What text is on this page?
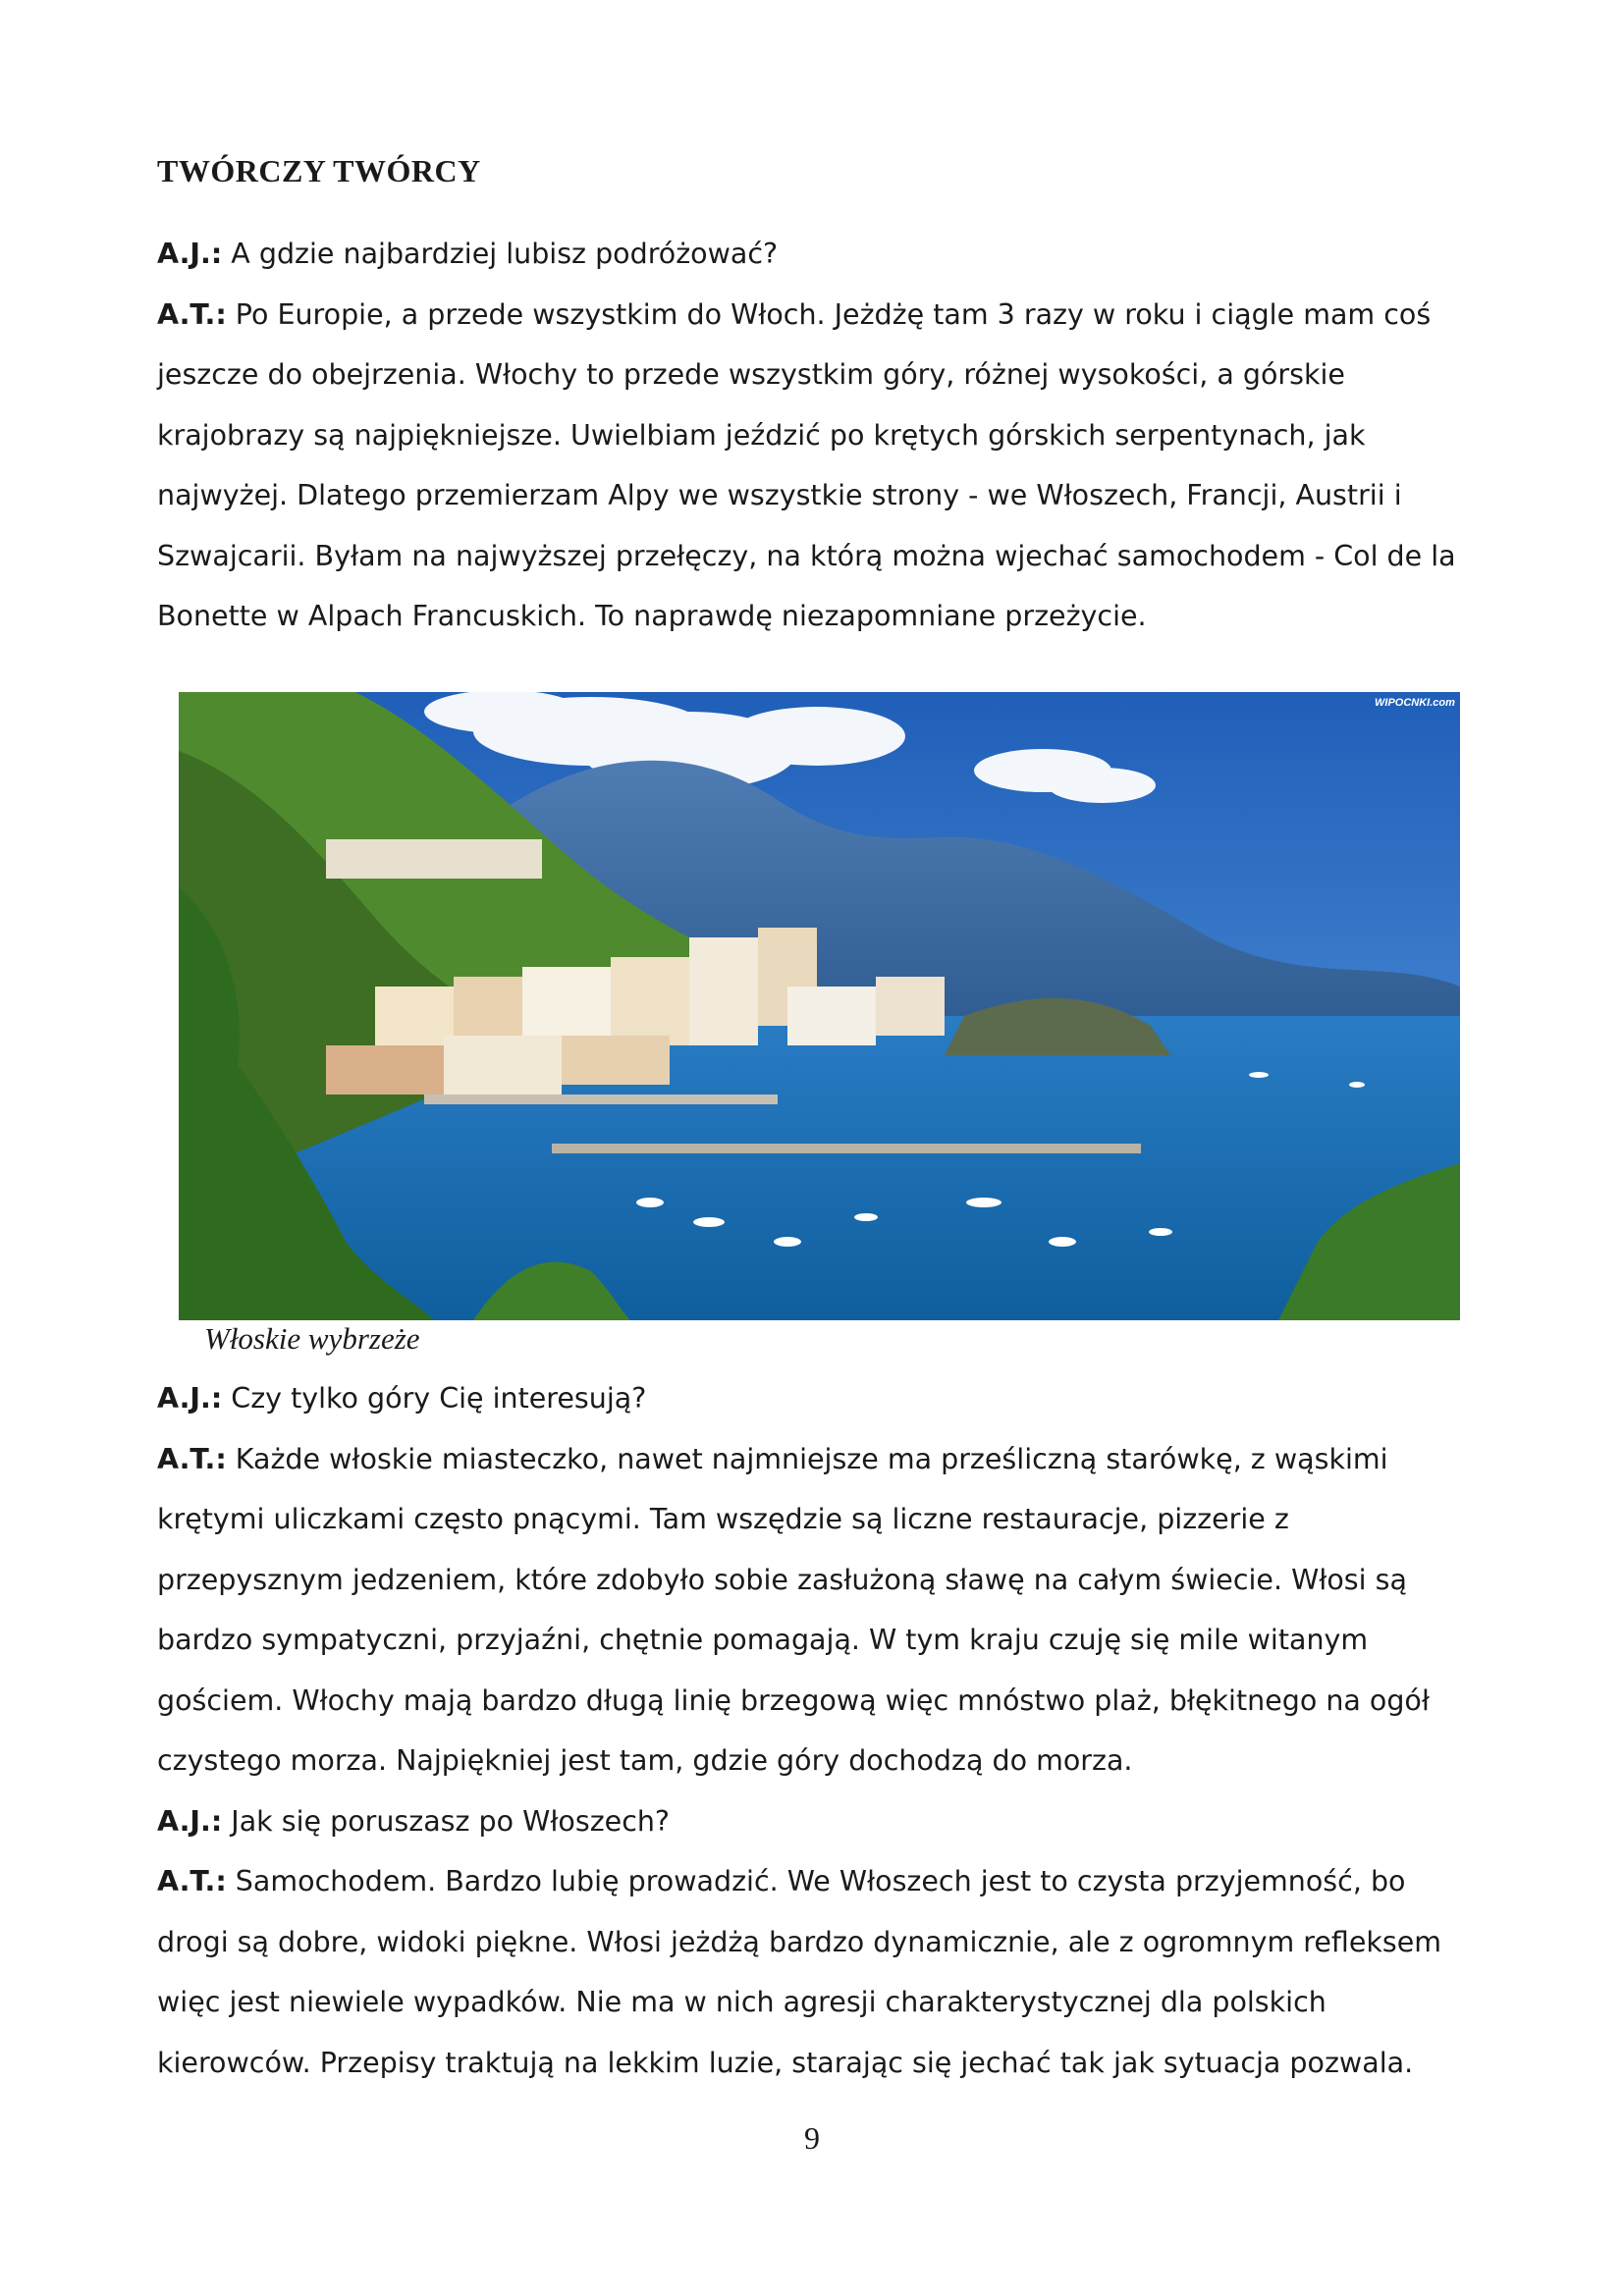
TWÓRCZY TWÓRCY

A.J.: A gdzie najbardziej lubisz podróżować?

A.T.: Po Europie, a przede wszystkim do Włoch. Jeżdżę tam 3 razy w roku i ciągle mam coś jeszcze do obejrzenia. Włochy to przede wszystkim góry, różnej wysokości, a górskie krajobrazy są najpiękniejsze. Uwielbiam jeździć po krętych górskich serpentynach, jak najwyżej. Dlatego przemierzam Alpy we wszystkie strony - we Włoszech, Francji, Austrii i Szwajcarii. Byłam na najwyższej przełęczy, na którą można wjechać samochodem - Col de la Bonette w Alpach Francuskich. To naprawdę niezapomniane przeżycie.

WIPOCNKI.com
Włoskie wybrzeże

A.J.: Czy tylko góry Cię interesują?

A.T.: Każde włoskie miasteczko, nawet najmniejsze ma prześliczną starówkę, z wąskimi krętymi uliczkami często pnącymi. Tam wszędzie są liczne restauracje, pizzerie z przepysznym jedzeniem, które zdobyło sobie zasłużoną sławę na całym świecie. Włosi są bardzo sympatyczni, przyjaźni, chętnie pomagają. W tym kraju czuję się mile witanym gościem. Włochy mają bardzo długą linię brzegową więc mnóstwo plaż, błękitnego na ogół czystego morza. Najpiękniej jest tam, gdzie góry dochodzą do morza.

A.J.: Jak się poruszasz po Włoszech?

A.T.: Samochodem. Bardzo lubię prowadzić. We Włoszech jest to czysta przyjemność, bo drogi są dobre, widoki piękne. Włosi jeżdżą bardzo dynamicznie, ale z ogromnym refleksem więc jest niewiele wypadków. Nie ma w nich agresji charakterystycznej dla polskich kierowców. Przepisy traktują na lekkim luzie, starając się jechać tak jak sytuacja pozwala.

9
